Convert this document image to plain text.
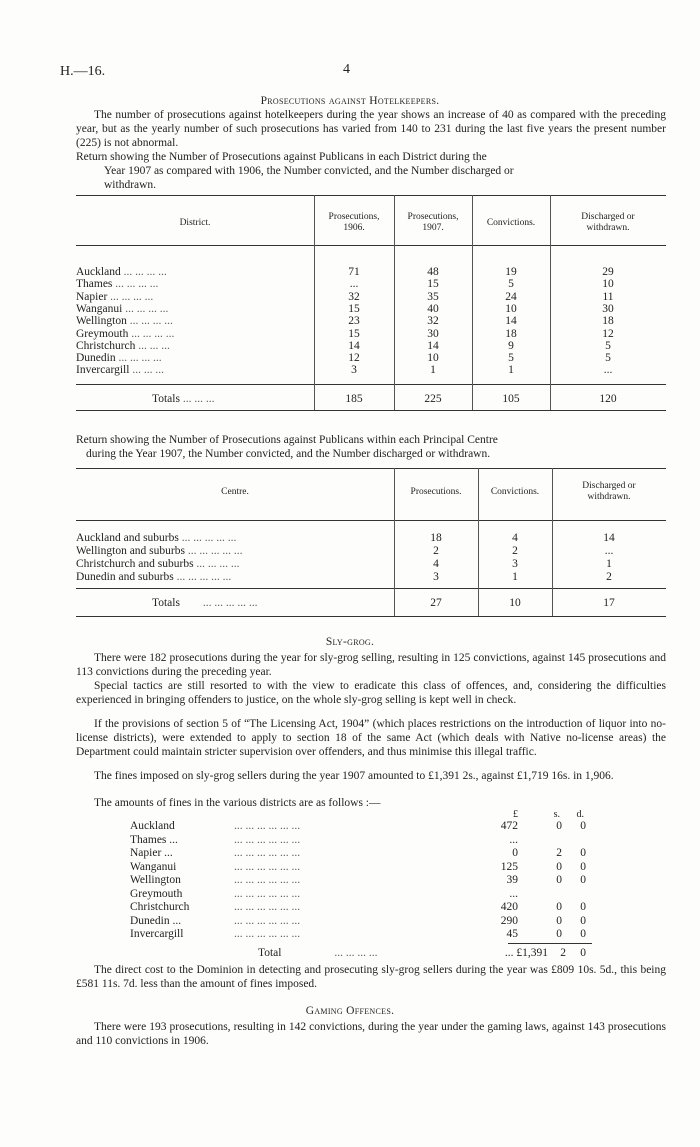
H.—16.	4
Prosecutions against Hotelkeepers.
The number of prosecutions against hotelkeepers during the year shows an increase of 40 as compared with the preceding year, but as the yearly number of such prosecutions has varied from 140 to 231 during the last five years the present number (225) is not abnormal.
Return showing the Number of Prosecutions against Publicans in each District during the
Year 1907 as compared with 1906, the Number convicted, and the Number discharged or
withdrawn.
District.
Prosecutions,
1906.
Prosecutions,
1907.	Convictions.
Discharged or
withdrawn.
Auckland ... ... ... ...	71	48	19	29
Thames ... ... ... ...	...	15	5	10
Napier ... ... ... ...	32	35	24	11
Wanganui ... ... ... ...	15	40	10	30
Wellington ... ... ... ...	23	32	14	18
Greymouth ... ... ... ...	15	30	18	12
Christchurch ... ... ...	14	14	9	5
Dunedin ... ... ... ...	12	10	5	5
Invercargill ... ... ...	3	1	1	...
Totals ... ... ...	185	225	105	120
Return showing the Number of Prosecutions against Publicans within each Principal Centre
during the Year 1907, the Number convicted, and the Number discharged or withdrawn.
Centre.	Prosecutions.	Convictions.
Discharged or
withdrawn.
Auckland and suburbs ... ... ... ... ...	18	4	14
Wellington and suburbs ... ... ... ... ...	2	2	...
Christchurch and suburbs ... ... ... ...	4	3	1
Dunedin and suburbs ... ... ... ... ...	3	1	2
Totals ... ... ... ... ...	27	10	17
Sly-grog.
There were 182 prosecutions during the year for sly-grog selling, resulting in 125 convictions, against 145 prosecutions and 113 convictions during the preceding year.
Special tactics are still resorted to with the view to eradicate this class of offences, and, considering the difficulties experienced in bringing offenders to justice, on the whole sly-grog selling is kept well in check.
If the provisions of section 5 of “The Licensing Act, 1904” (which places restrictions on the introduction of liquor into no-license districts), were extended to apply to section 18 of the same Act (which deals with Native no-license areas) the Department could maintain stricter supervision over offenders, and thus minimise this illegal traffic.
The fines imposed on sly-grog sellers during the year 1907 amounted to £1,391 2s., against £1,719 16s. in 1,906.
The amounts of fines in the various districts are as follows :—
£	s.	d.
Auckland	... ... ... ... ... ...	472	0	0
Thames ...	... ... ... ... ... ...	...
Napier ...	... ... ... ... ... ...	0	2	0
Wanganui	... ... ... ... ... ...	125	0	0
Wellington	... ... ... ... ... ...	39	0	0
Greymouth	... ... ... ... ... ...	...
Christchurch	... ... ... ... ... ...	420	0	0
Dunedin ...	... ... ... ... ... ...	290	0	0
Invercargill	... ... ... ... ... ...	45	0	0
Total	... ... ... ...	... £1,391	2	0
The direct cost to the Dominion in detecting and prosecuting sly-grog sellers during the year was £809 10s. 5d., this being £581 11s. 7d. less than the amount of fines imposed.
Gaming Offences.
There were 193 prosecutions, resulting in 142 convictions, during the year under the gaming laws, against 143 prosecutions and 110 convictions in 1906.
